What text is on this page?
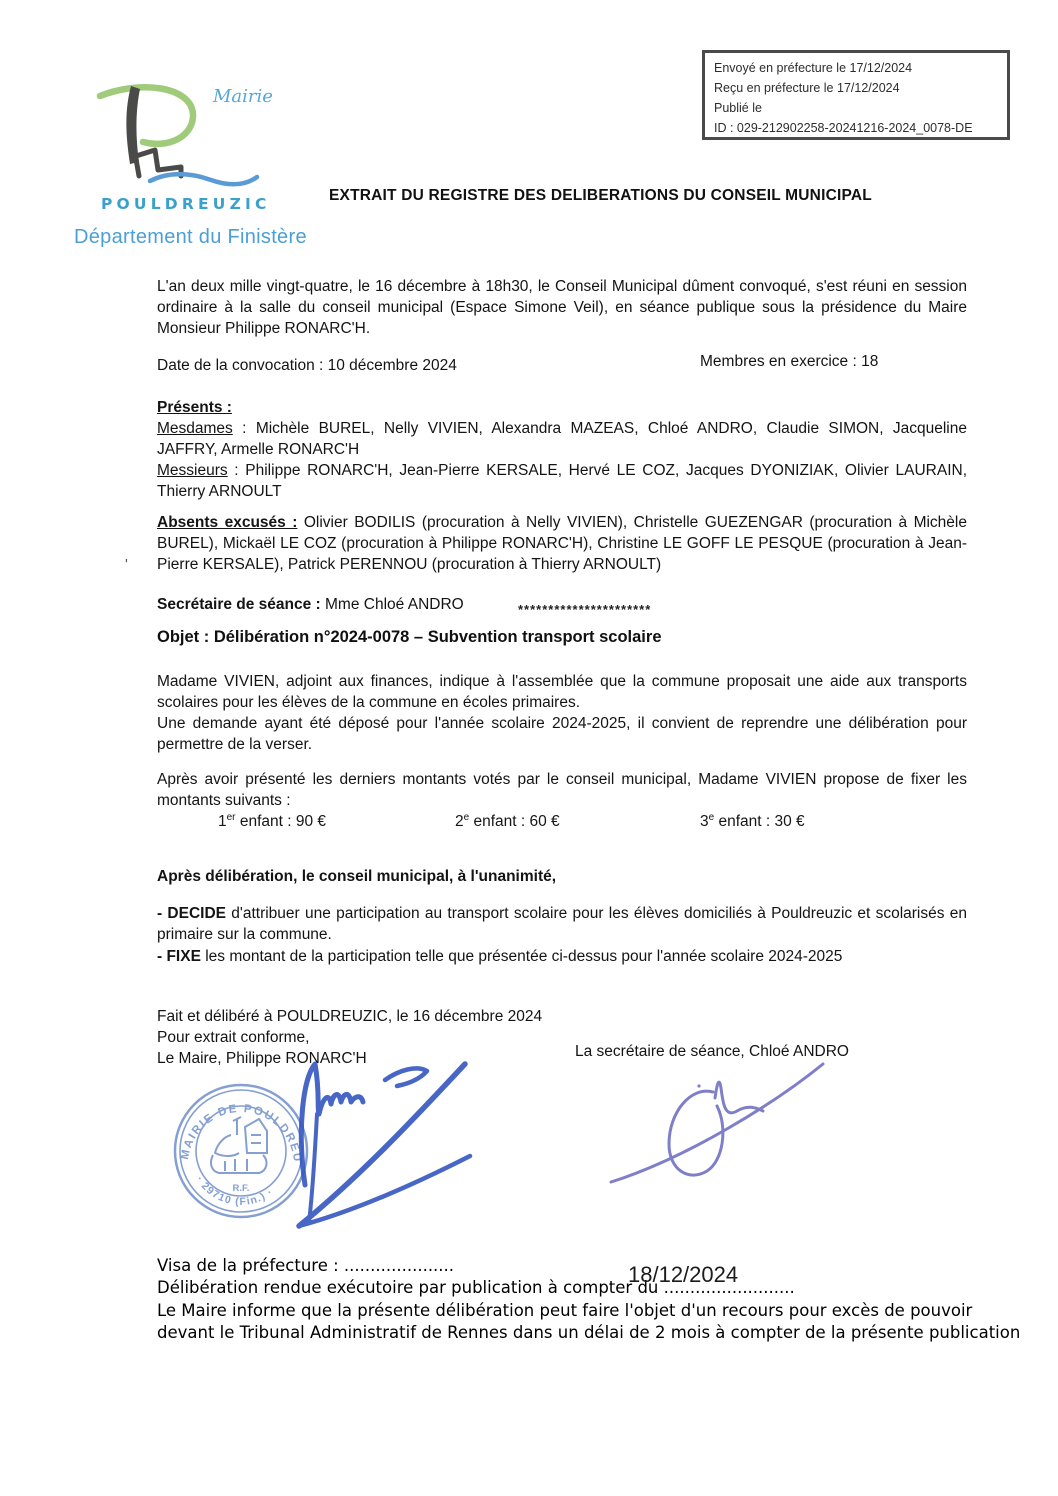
Envoyé en préfecture le 17/12/2024
Reçu en préfecture le 17/12/2024
Publié le
ID : 029-212902258-20241216-2024_0078-DE
Mairie
POULDREUZIC
Département du Finistère
EXTRAIT DU REGISTRE DES DELIBERATIONS DU CONSEIL MUNICIPAL
L'an deux mille vingt-quatre, le 16 décembre à 18h30, le Conseil Municipal dûment convoqué, s'est réuni en session ordinaire à la salle du conseil municipal (Espace Simone Veil), en séance publique sous la présidence du Maire Monsieur Philippe RONARC'H.
Date de la convocation : 10 décembre 2024	Membres en exercice : 18
Présents :
Mesdames : Michèle BUREL, Nelly VIVIEN, Alexandra MAZEAS, Chloé ANDRO, Claudie SIMON, Jacqueline JAFFRY, Armelle RONARC'H
Messieurs : Philippe RONARC'H, Jean-Pierre KERSALE, Hervé LE COZ, Jacques DYONIZIAK, Olivier LAURAIN, Thierry ARNOULT
Absents excusés : Olivier BODILIS (procuration à Nelly VIVIEN), Christelle GUEZENGAR (procuration à Michèle BUREL), Mickaël LE COZ (procuration à Philippe RONARC'H), Christine LE GOFF LE PESQUE (procuration à Jean-Pierre KERSALE), Patrick PERENNOU (procuration à Thierry ARNOULT)
Secrétaire de séance : Mme Chloé ANDRO	**********************
Objet : Délibération n°2024-0078 – Subvention transport scolaire
Madame VIVIEN, adjoint aux finances, indique à l'assemblée que la commune proposait une aide aux transports scolaires pour les élèves de la commune en écoles primaires.
Une demande ayant été déposé pour l'année scolaire 2024-2025, il convient de reprendre une délibération pour permettre de la verser.
Après avoir présenté les derniers montants votés par le conseil municipal, Madame VIVIEN propose de fixer les montants suivants :
1er enfant : 90 €	2e enfant : 60 €	3e enfant : 30 €
Après délibération, le conseil municipal, à l'unanimité,
- DECIDE d'attribuer une participation au transport scolaire pour les élèves domiciliés à Pouldreuzic et scolarisés en primaire sur la commune.
- FIXE les montant de la participation telle que présentée ci-dessus pour l'année scolaire 2024-2025
Fait et délibéré à POULDREUZIC, le 16 décembre 2024
Pour extrait conforme,
Le Maire, Philippe RONARC'H	La secrétaire de séance, Chloé ANDRO
MAIRIE DE POULDREUZIC
· 29710 (Fin.) ·
R.F.
Visa de la préfecture : .....................
Délibération rendue exécutoire par publication à compter du .........................
18/12/2024
Le Maire informe que la présente délibération peut faire l'objet d'un recours pour excès de pouvoir
devant le Tribunal Administratif de Rennes dans un délai de 2 mois à compter de la présente publication
'
